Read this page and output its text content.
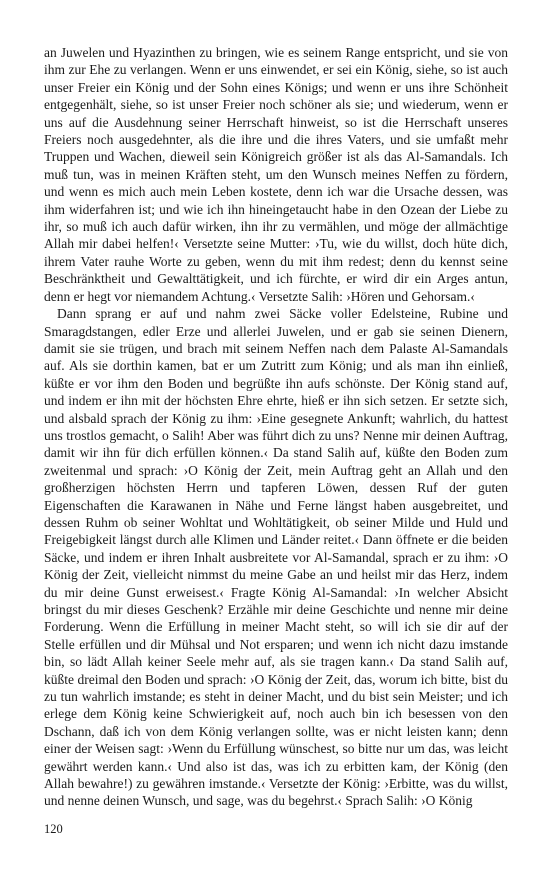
an Juwelen und Hyazinthen zu bringen, wie es seinem Range entspricht, und sie von ihm zur Ehe zu verlangen. Wenn er uns einwendet, er sei ein König, siehe, so ist auch unser Freier ein König und der Sohn eines Königs; und wenn er uns ihre Schönheit entgegenhält, siehe, so ist unser Freier noch schöner als sie; und wiederum, wenn er uns auf die Ausdehnung seiner Herrschaft hinweist, so ist die Herrschaft unseres Freiers noch ausgedehnter, als die ihre und die ihres Vaters, und sie umfaßt mehr Truppen und Wachen, dieweil sein Königreich größer ist als das Al-Samandals. Ich muß tun, was in meinen Kräften steht, um den Wunsch meines Neffen zu fördern, und wenn es mich auch mein Leben kostete, denn ich war die Ursache dessen, was ihm widerfahren ist; und wie ich ihn hineingetaucht habe in den Ozean der Liebe zu ihr, so muß ich auch dafür wirken, ihn ihr zu vermählen, und möge der allmächtige Allah mir dabei helfen!‹ Versetzte seine Mutter: ›Tu, wie du willst, doch hüte dich, ihrem Vater rauhe Worte zu geben, wenn du mit ihm redest; denn du kennst seine Beschränktheit und Gewalttätigkeit, und ich fürchte, er wird dir ein Arges antun, denn er hegt vor niemandem Achtung.‹ Versetzte Salih: ›Hören und Gehorsam.‹

Dann sprang er auf und nahm zwei Säcke voller Edelsteine, Rubine und Smaragdstangen, edler Erze und allerlei Juwelen, und er gab sie seinen Dienern, damit sie sie trügen, und brach mit seinem Neffen nach dem Palaste Al-Samandals auf. Als sie dorthin kamen, bat er um Zutritt zum König; und als man ihn einließ, küßte er vor ihm den Boden und begrüßte ihn aufs schönste. Der König stand auf, und indem er ihn mit der höchsten Ehre ehrte, hieß er ihn sich setzen. Er setzte sich, und alsbald sprach der König zu ihm: ›Eine gesegnete Ankunft; wahrlich, du hattest uns trostlos gemacht, o Salih! Aber was führt dich zu uns? Nenne mir deinen Auftrag, damit wir ihn für dich erfüllen können.‹ Da stand Salih auf, küßte den Boden zum zweitenmal und sprach: ›O König der Zeit, mein Auftrag geht an Allah und den großherzigen höchsten Herrn und tapferen Löwen, dessen Ruf der guten Eigenschaften die Karawanen in Nähe und Ferne längst haben ausgebreitet, und dessen Ruhm ob seiner Wohltat und Wohltätigkeit, ob seiner Milde und Huld und Freigebigkeit längst durch alle Klimen und Länder reitet.‹ Dann öffnete er die beiden Säcke, und indem er ihren Inhalt ausbreitete vor Al-Samandal, sprach er zu ihm: ›O König der Zeit, vielleicht nimmst du meine Gabe an und heilst mir das Herz, indem du mir deine Gunst erweisest.‹ Fragte König Al-Samandal: ›In welcher Absicht bringst du mir dieses Geschenk? Erzähle mir deine Geschichte und nenne mir deine Forderung. Wenn die Erfüllung in meiner Macht steht, so will ich sie dir auf der Stelle erfüllen und dir Mühsal und Not ersparen; und wenn ich nicht dazu imstande bin, so lädt Allah keiner Seele mehr auf, als sie tragen kann.‹ Da stand Salih auf, küßte dreimal den Boden und sprach: ›O König der Zeit, das, worum ich bitte, bist du zu tun wahrlich imstande; es steht in deiner Macht, und du bist sein Meister; und ich erlege dem König keine Schwierigkeit auf, noch auch bin ich besessen von den Dschann, daß ich von dem König verlangen sollte, was er nicht leisten kann; denn einer der Weisen sagt: ›Wenn du Erfüllung wünschest, so bitte nur um das, was leicht gewährt werden kann.‹ Und also ist das, was ich zu erbitten kam, der König (den Allah bewahre!) zu gewähren imstande.‹ Versetzte der König: ›Erbitte, was du willst, und nenne deinen Wunsch, und sage, was du begehrst.‹ Sprach Salih: ›O König

120
